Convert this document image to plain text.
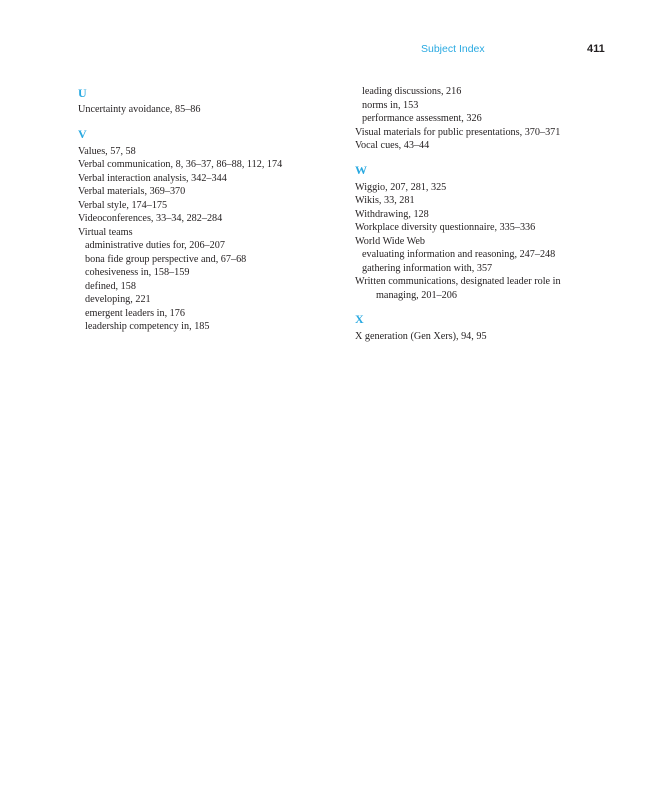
Subject Index	411
U
Uncertainty avoidance, 85–86
V
Values, 57, 58
Verbal communication, 8, 36–37, 86–88, 112, 174
Verbal interaction analysis, 342–344
Verbal materials, 369–370
Verbal style, 174–175
Videoconferences, 33–34, 282–284
Virtual teams
administrative duties for, 206–207
bona fide group perspective and, 67–68
cohesiveness in, 158–159
defined, 158
developing, 221
emergent leaders in, 176
leadership competency in, 185
leading discussions, 216
norms in, 153
performance assessment, 326
Visual materials for public presentations, 370–371
Vocal cues, 43–44
W
Wiggio, 207, 281, 325
Wikis, 33, 281
Withdrawing, 128
Workplace diversity questionnaire, 335–336
World Wide Web
evaluating information and reasoning, 247–248
gathering information with, 357
Written communications, designated leader role in managing, 201–206
X
X generation (Gen Xers), 94, 95
